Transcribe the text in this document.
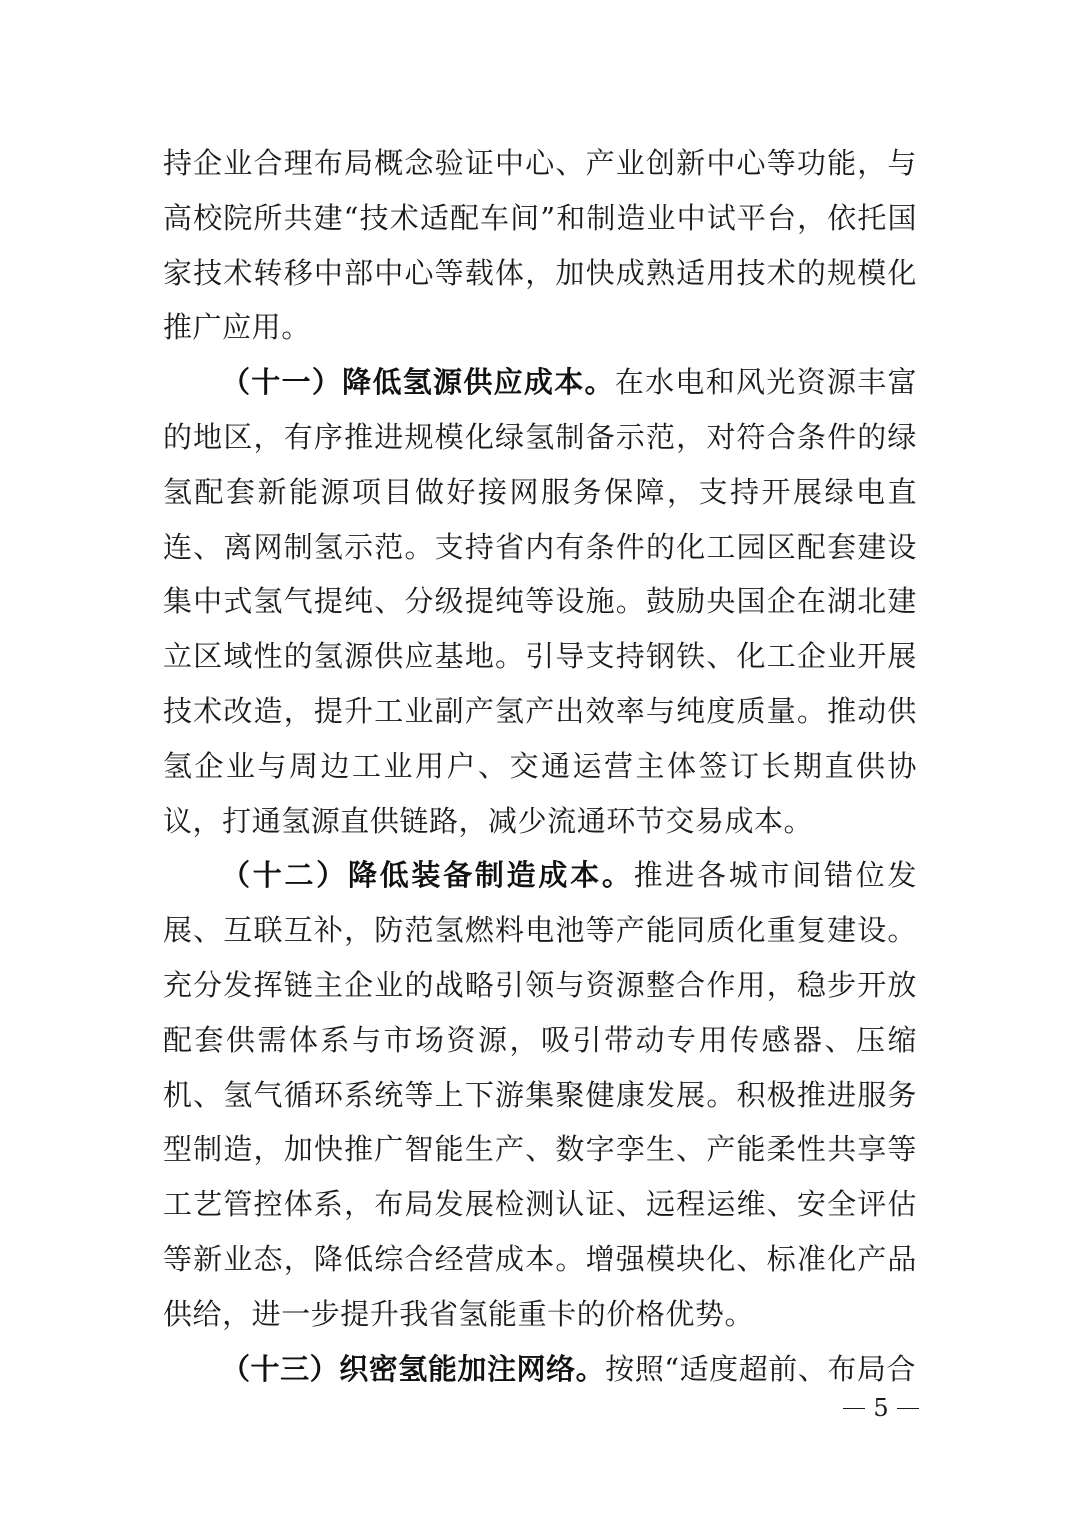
持企业合理布局概念验证中心、产业创新中心等功能，与高校院所共建“技术适配车间”和制造业中试平台，依托国家技术转移中部中心等载体，加快成熟适用技术的规模化推广应用。

（十一）降低氢源供应成本。在水电和风光资源丰富的地区，有序推进规模化绿氢制备示范，对符合条件的绿氢配套新能源项目做好接网服务保障，支持开展绿电直连、离网制氢示范。支持省内有条件的化工园区配套建设集中式氢气提纯、分级提纯等设施。鼓励央国企在湖北建立区域性的氢源供应基地。引导支持钢铁、化工企业开展技术改造，提升工业副产氢产出效率与纯度质量。推动供氢企业与周边工业用户、交通运营主体签订长期直供协议，打通氢源直供链路，减少流通环节交易成本。

（十二）降低装备制造成本。推进各城市间错位发展、互联互补，防范氢燃料电池等产能同质化重复建设。充分发挥链主企业的战略引领与资源整合作用，稳步开放配套供需体系与市场资源，吸引带动专用传感器、压缩机、氢气循环系统等上下游集聚健康发展。积极推进服务型制造，加快推广智能生产、数字孪生、产能柔性共享等工艺管控体系，布局发展检测认证、远程运维、安全评估等新业态，降低综合经营成本。增强模块化、标准化产品供给，进一步提升我省氢能重卡的价格优势。

（十三）织密氢能加注网络。按照“适度超前、布局合

5
